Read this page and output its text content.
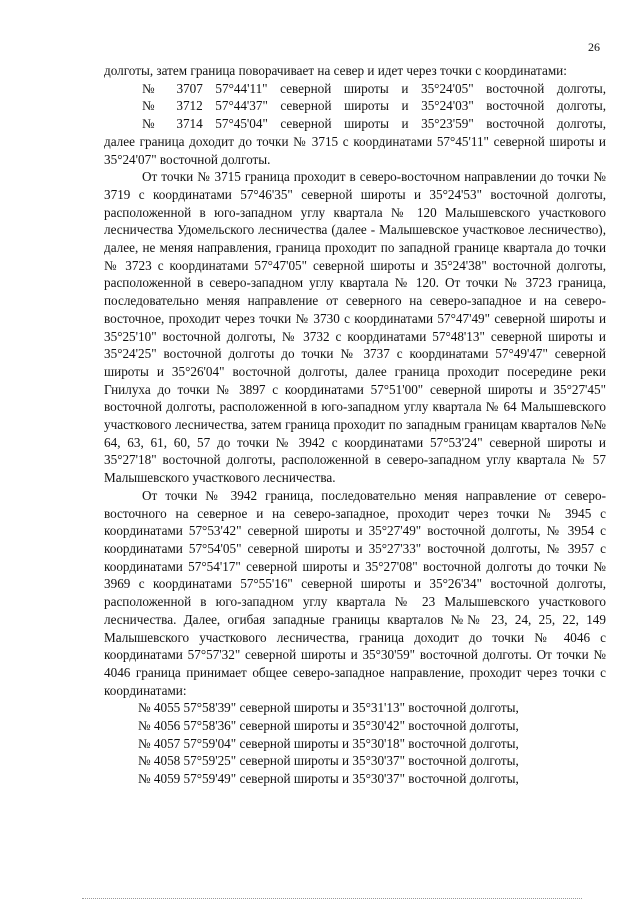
26

долготы, затем граница поворачивает на север и идет через точки с координатами:

№ 3707 57°44'11" северной широты и 35°24'05" восточной долготы,
№ 3712 57°44'37" северной широты и 35°24'03" восточной долготы,
№ 3714 57°45'04" северной широты и 35°23'59" восточной долготы,

далее граница доходит до точки № 3715 с координатами 57°45'11" северной широты и 35°24'07" восточной долготы.

От точки № 3715 граница проходит в северо-восточном направлении до точки № 3719 с координатами 57°46'35" северной широты и 35°24'53" восточной долготы, расположенной в юго-западном углу квартала № 120 Малышевского участкового лесничества Удомельского лесничества (далее - Малышевское участковое лесничество), далее, не меняя направления, граница проходит по западной границе квартала до точки № 3723 с координатами 57°47'05" северной широты и 35°24'38" восточной долготы, расположенной в северо-западном углу квартала № 120. От точки № 3723 граница, последовательно меняя направление от северного на северо-западное и на северо-восточное, проходит через точки № 3730 с координатами 57°47'49" северной широты и 35°25'10" восточной долготы, № 3732 с координатами 57°48'13" северной широты и 35°24'25" восточной долготы до точки № 3737 с координатами 57°49'47" северной широты и 35°26'04" восточной долготы, далее граница проходит посередине реки Гнилуха до точки № 3897 с координатами 57°51'00" северной широты и 35°27'45" восточной долготы, расположенной в юго-западном углу квартала № 64 Малышевского участкового лесничества, затем граница проходит по западным границам кварталов №№ 64, 63, 61, 60, 57 до точки № 3942 с координатами 57°53'24" северной широты и 35°27'18" восточной долготы, расположенной в северо-западном углу квартала № 57 Малышевского участкового лесничества.

От точки № 3942 граница, последовательно меняя направление от северо-восточного на северное и на северо-западное, проходит через точки № 3945 с координатами 57°53'42" северной широты и 35°27'49" восточной долготы, № 3954 с координатами 57°54'05" северной широты и 35°27'33" восточной долготы, № 3957 с координатами 57°54'17" северной широты и 35°27'08" восточной долготы до точки № 3969 с координатами 57°55'16" северной широты и 35°26'34" восточной долготы, расположенной в юго-западном углу квартала № 23 Малышевского участкового лесничества. Далее, огибая западные границы кварталов №№ 23, 24, 25, 22, 149 Малышевского участкового лесничества, граница доходит до точки № 4046 с координатами 57°57'32" северной широты и 35°30'59" восточной долготы. От точки № 4046 граница принимает общее северо-западное направление, проходит через точки с координатами:

№ 4055 57°58'39" северной широты и 35°31'13" восточной долготы,
№ 4056 57°58'36" северной широты и 35°30'42" восточной долготы,
№ 4057 57°59'04" северной широты и 35°30'18" восточной долготы,
№ 4058 57°59'25" северной широты и 35°30'37" восточной долготы,
№ 4059 57°59'49" северной широты и 35°30'37" восточной долготы,
